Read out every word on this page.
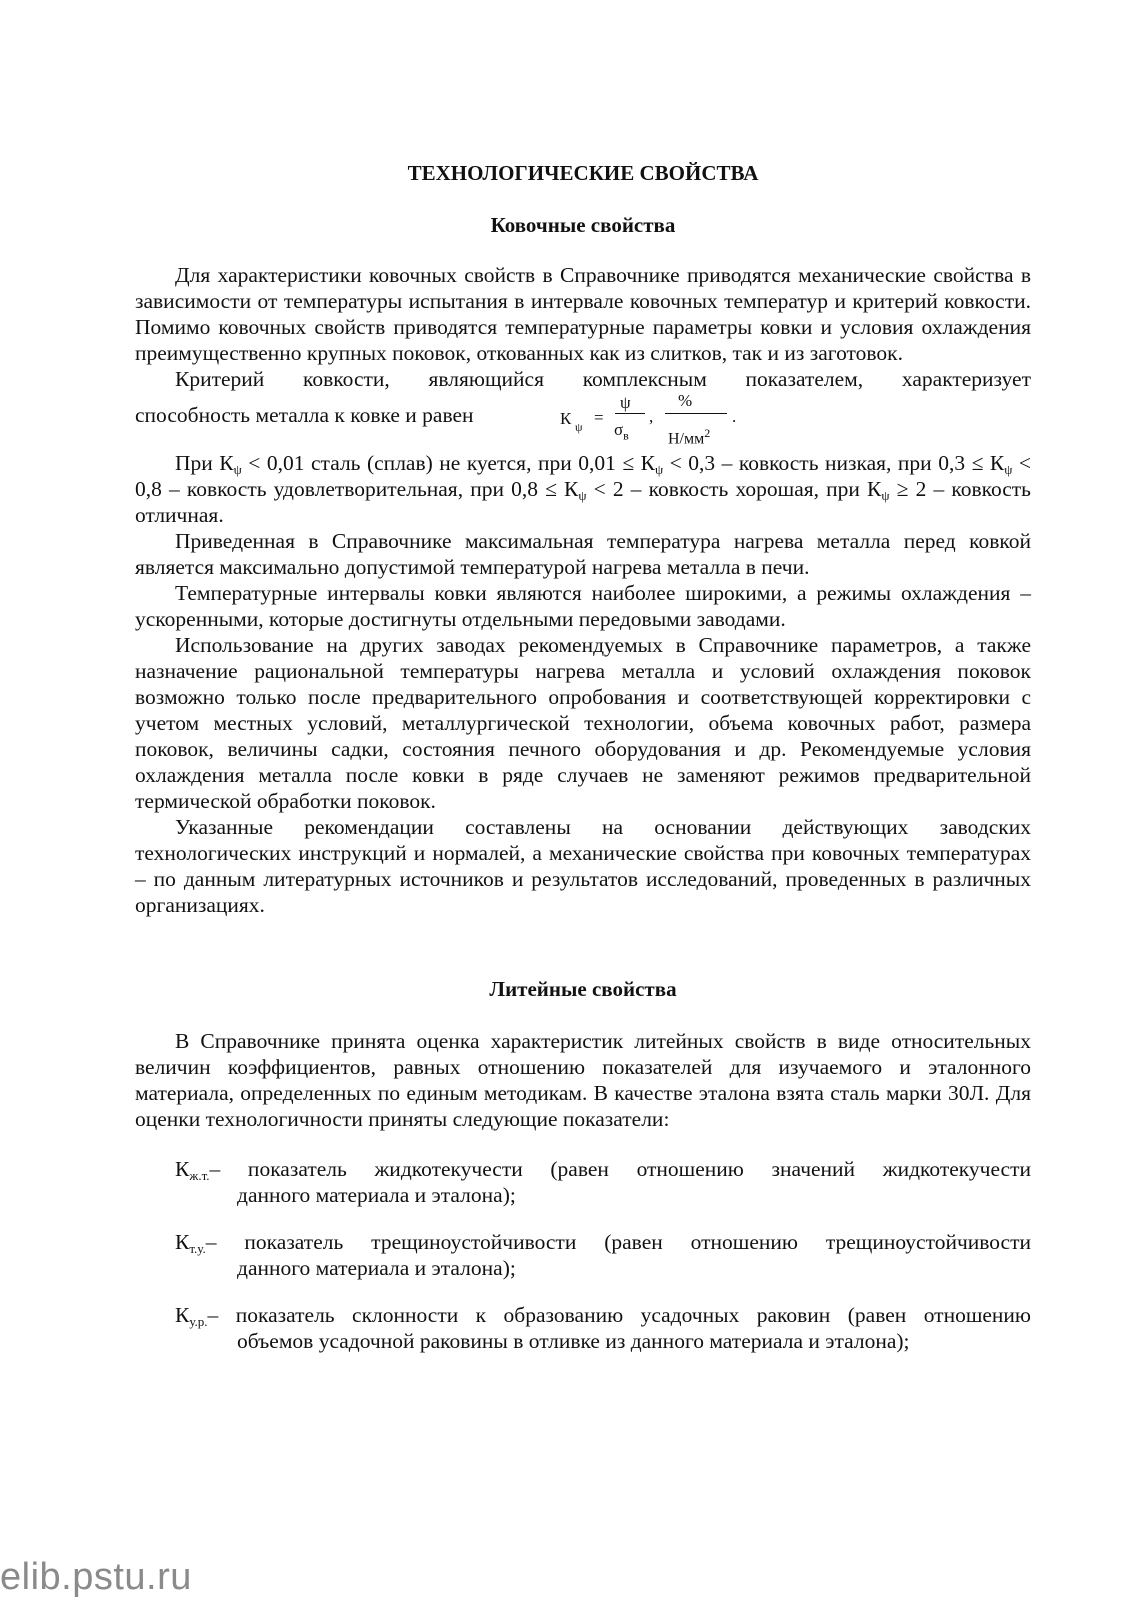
ТЕХНОЛОГИЧЕСКИЕ СВОЙСТВА
Ковочные свойства

Для характеристики ковочных свойств в Справочнике приводятся механические свойства в зависимости от температуры испытания в интервале ковочных температур и критерий ковкости. Помимо ковочных свойств приводятся температурные параметры ковки и условия охлаждения преимущественно крупных поковок, откованных как из слитков, так и из заготовок.

Критерий ковкости, являющийся комплексным показателем, характеризует

способность металла к ковке и равен	К ψ =
ψ
$\sigma_в$
,
%
$Н/мм^2$
.

При $К_\psi < 0,01$ сталь (сплав) не куется, при $0,01 \le К_\psi < 0,3$ – ковкость низкая, при $0,3 \le К_\psi < 0,8$ – ковкость удовлетворительная, при $0,8 \le К_\psi < 2$ – ковкость хорошая, при $К_\psi \ge 2$ – ковкость отличная.

Приведенная в Справочнике максимальная температура нагрева металла перед ковкой является максимально допустимой температурой нагрева металла в печи.

Температурные интервалы ковки являются наиболее широкими, а режимы охлаждения – ускоренными, которые достигнуты отдельными передовыми заводами.

Использование на других заводах рекомендуемых в Справочнике параметров, а также назначение рациональной температуры нагрева металла и условий охлаждения поковок возможно только после предварительного опробования и соответствующей корректировки с учетом местных условий, металлургической технологии, объема ковочных работ, размера поковок, величины садки, состояния печного оборудования и др. Рекомендуемые условия охлаждения металла после ковки в ряде случаев не заменяют режимов предварительной термической обработки поковок.

Указанные рекомендации составлены на основании действующих заводских технологических инструкций и нормалей, а механические свойства при ковочных температурах – по данным литературных источников и результатов исследований, проведенных в различных организациях.

Литейные свойства

В Справочнике принята оценка характеристик литейных свойств в виде относительных величин коэффициентов, равных отношению показателей для изучаемого и эталонного материала, определенных по единым методикам. В качестве эталона взята сталь марки 30Л. Для оценки технологичности приняты следующие показатели:

$К_{ж.т.}$ – показатель жидкотекучести (равен отношению значений жидкотекучести

данного материала и эталона);

$К_{т.у.}$ – показатель трещиноустойчивости (равен отношению трещиноустойчивости

данного материала и эталона);

$К_{у.р.}$ – показатель склонности к образованию усадочных раковин (равен отношению

объемов усадочной раковины в отливке из данного материала и эталона);

elib.pstu.ru
